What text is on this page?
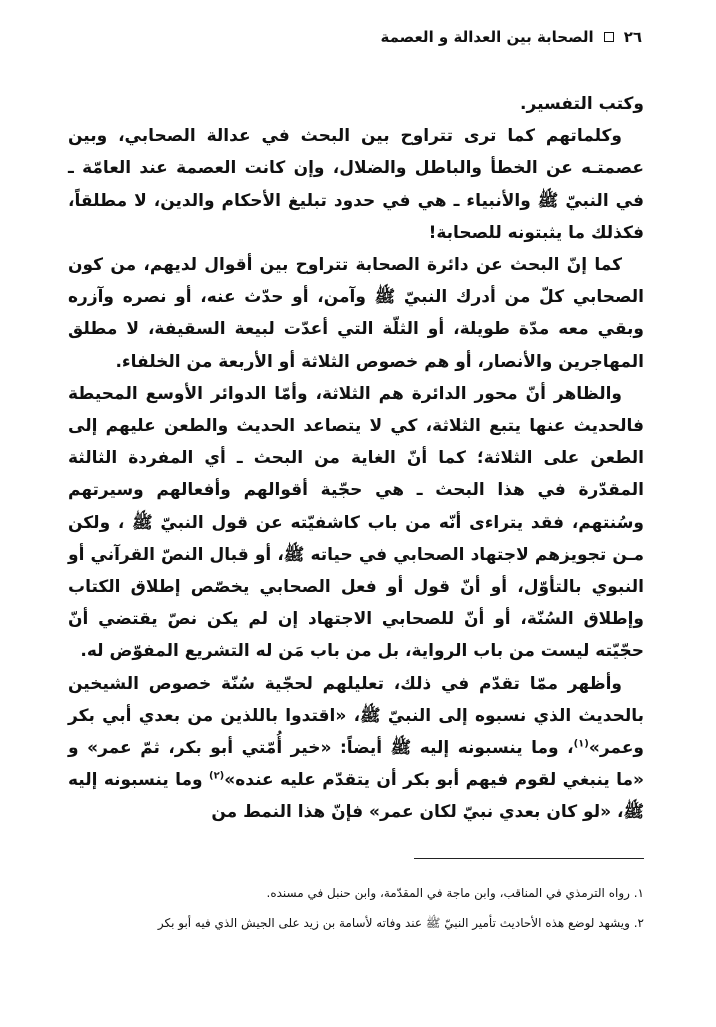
٢٦
الصحابة بين العدالة و العصمة

وكتب التفسير.

وكلماتهم كما ترى تتراوح بين البحث في عدالة الصحابي، وبين عصمتـه عن الخطأ والباطل والضلال، وإن كانت العصمة عند العامّة ـ في النبيّ ﷺ والأنبياء ـ هي في حدود تبليغ الأحكام والدين، لا مطلقاً، فكذلك ما يثبتونه للصحابة!

كما إنّ البحث عن دائرة الصحابة تتراوح بين أقوال لديهم، من كون الصحابي كلّ من أدرك النبيّ ﷺ وآمن، أو حدّث عنه، أو نصره وآزره وبقي معه مدّة طويلة، أو الثلّة التي أعدّت لبيعة السقيفة، لا مطلق المهاجرين والأنصار، أو هم خصوص الثلاثة أو الأربعة من الخلفاء.

والظاهر أنّ محور الدائرة هم الثلاثة، وأمّا الدوائر الأوسع المحيطة فالحديث عنها يتبع الثلاثة، كي لا يتصاعد الحديث والطعن عليهم إلى الطعن على الثلاثة؛ كما أنّ الغاية من البحث ـ أي المفردة الثالثة المقدّرة في هذا البحث ـ هي حجّية أقوالهم وأفعالهم وسيرتهم وسُنتهم، فقد يتراءى أنّه من باب كاشفيّته عن قول النبيّ ﷺ ، ولكن مـن تجويزهم لاجتهاد الصحابي في حياته ﷺ، أو قبال النصّ القرآني أو النبوي بالتأوّل، أو أنّ قول أو فعل الصحابي يخصّص إطلاق الكتاب وإطلاق السُنّة، أو أنّ للصحابي الاجتهاد إن لم يكن نصّ يقتضي أنّ حجّيّته ليست من باب الرواية، بل من باب مَن له التشريع المفوّض له.

وأظهر ممّا تقدّم في ذلك، تعليلهم لحجّية سُنّة خصوص الشيخين بالحديث الذي نسبوه إلى النبيّ ﷺ، «اقتدوا باللذين من بعدي أبي بكر وعمر»$^{(١)}$، وما ينسبونه إليه ﷺ أيضاً: «خير أُمّتي أبو بكر، ثمّ عمر» و «ما ينبغي لقوم فيهم أبو بكر أن يتقدّم عليه عنده»$^{(٢)}$ وما ينسبونه إليه ﷺ، «لو كان بعدي نبيّ لكان عمر» فإنّ هذا النمط من

١. رواه الترمذي في المناقب، وابن ماجة في المقدّمة، وابن حنبل في مسنده.
٢. ويشهد لوضع هذه الأحاديث تأمير النبيّ ﷺ عند وفاته لأسامة بن زيد على الجيش الذي فيه أبو بكر
